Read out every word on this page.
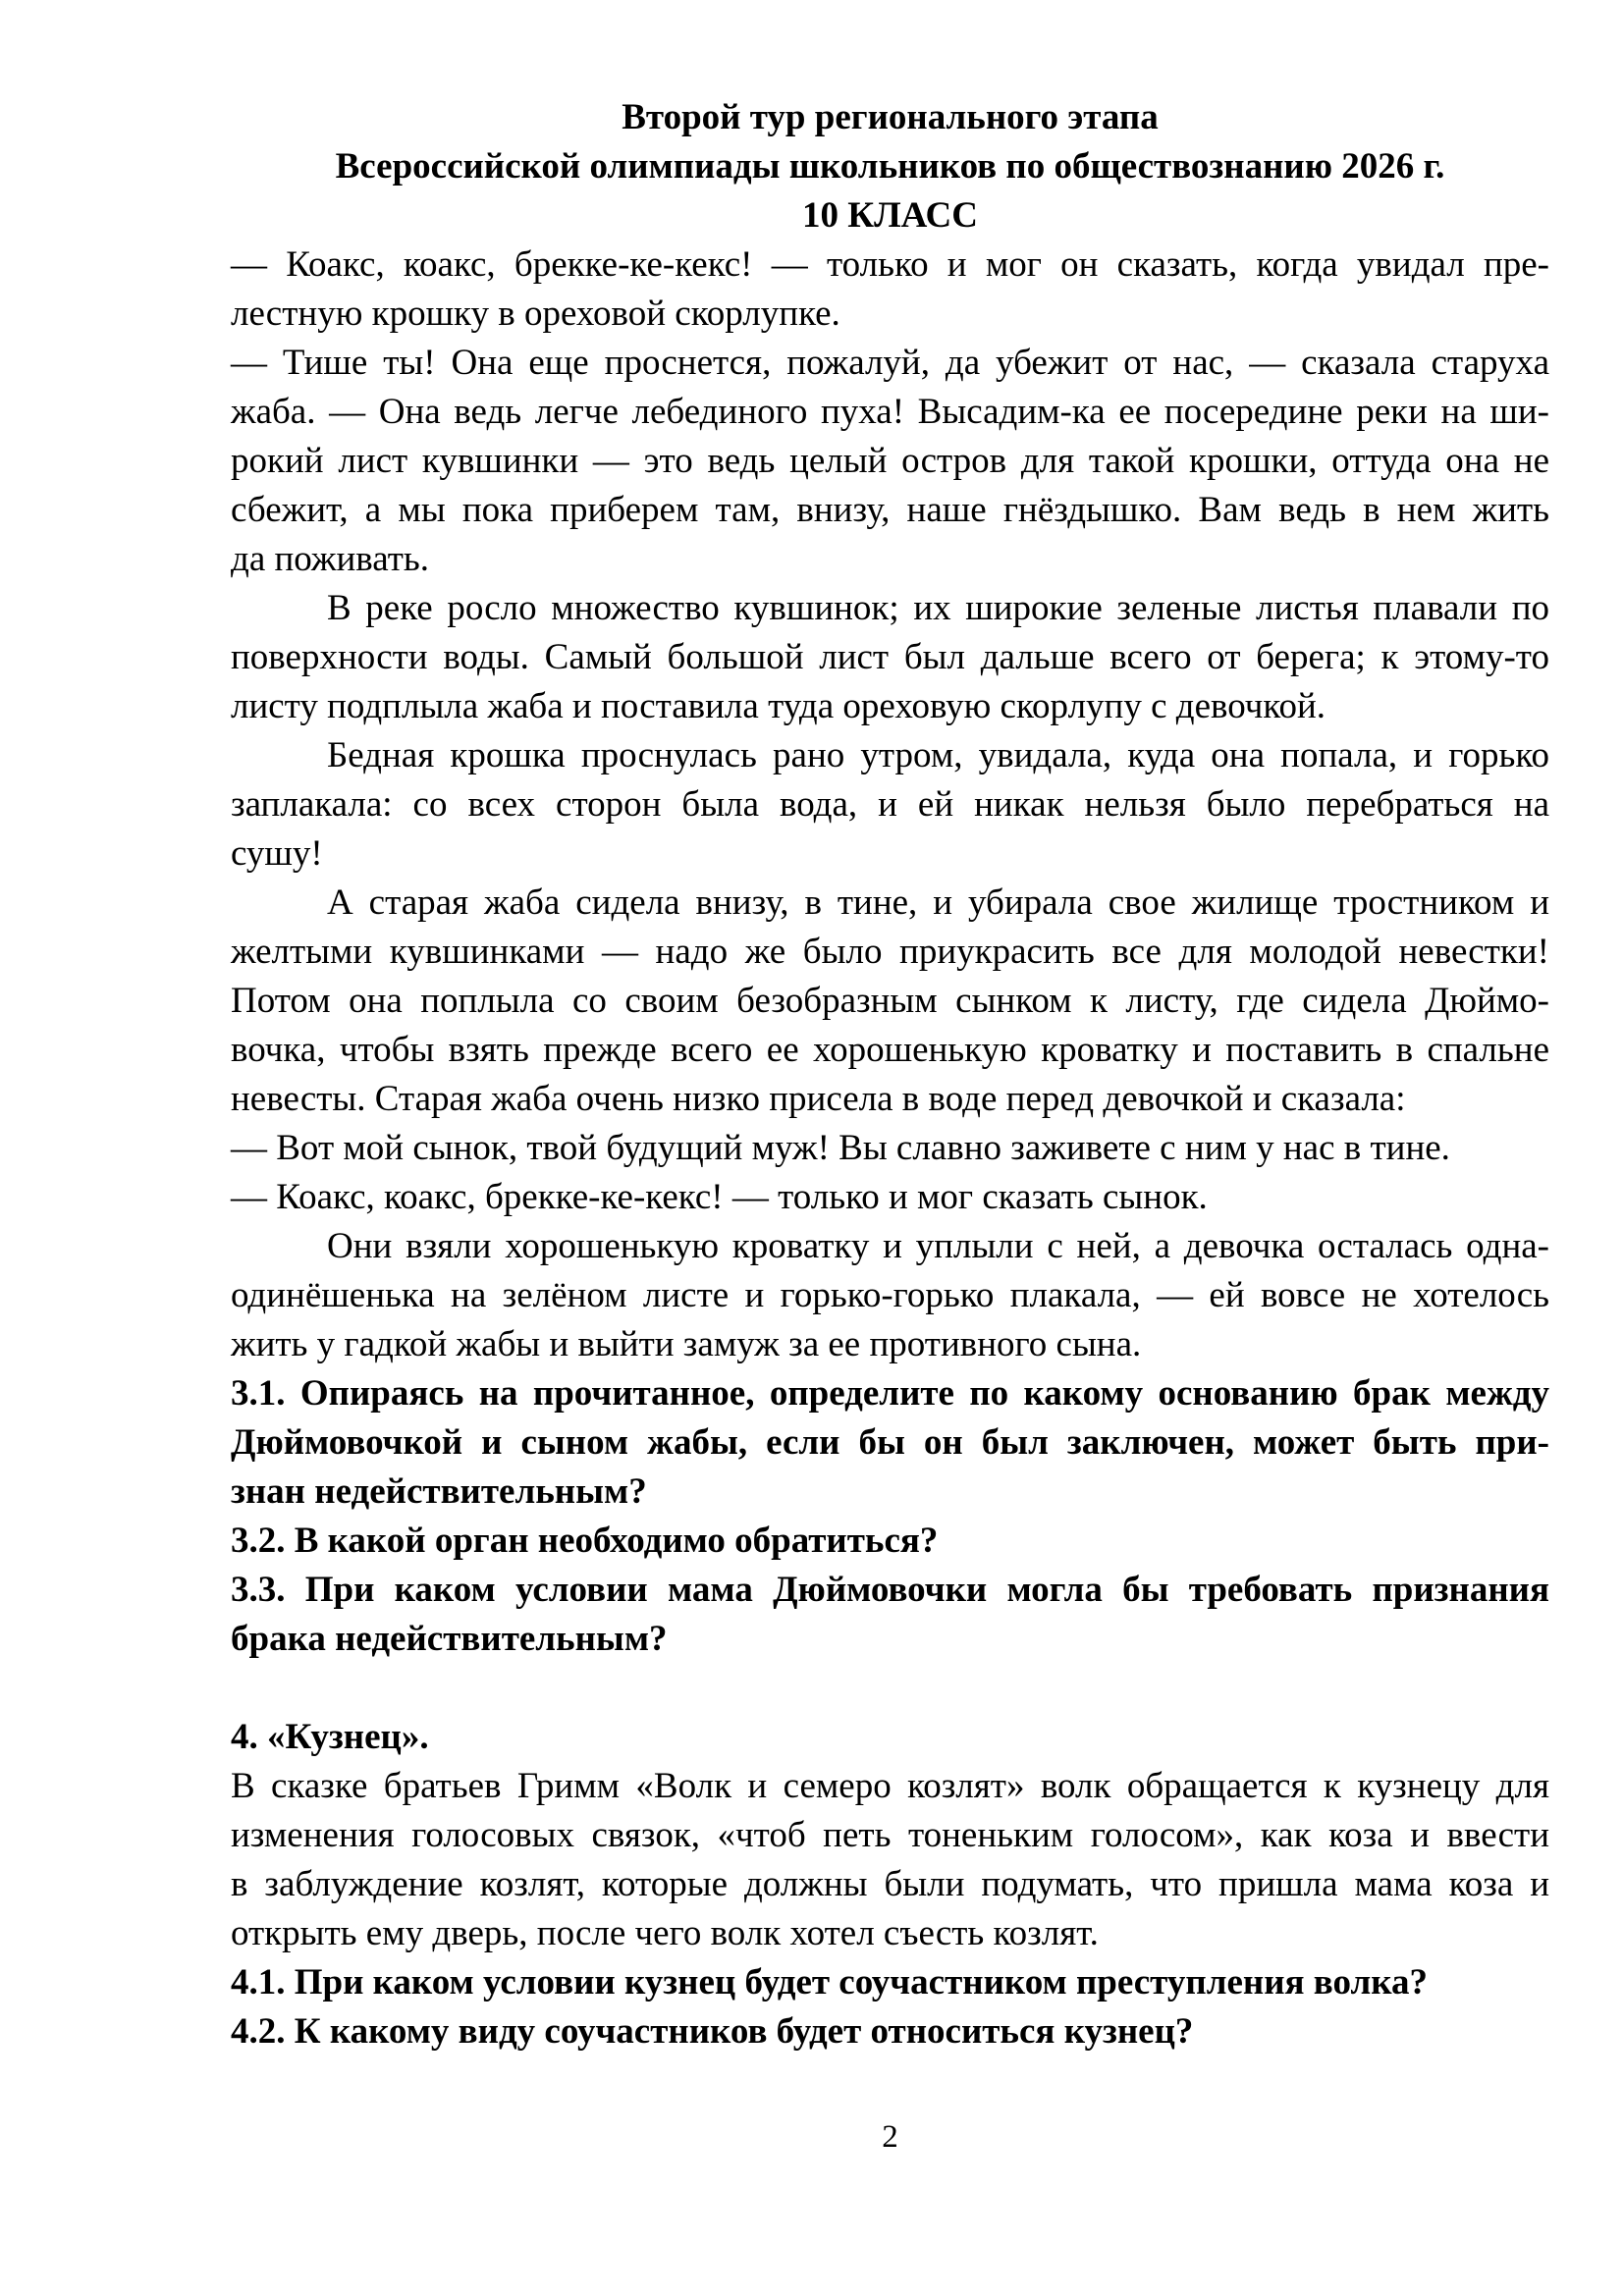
Второй тур регионального этапа
Всероссийской олимпиады школьников по обществознанию 2026 г.
10 КЛАСС
— Коакс, коакс, брекке-ке-кекс! — только и мог он сказать, когда увидал пре-
лестную крошку в ореховой скорлупке.
— Тише ты! Она еще проснется, пожалуй, да убежит от нас, — сказала старуха
жаба. — Она ведь легче лебединого пуха! Высадим-ка ее посередине реки на ши-
рокий лист кувшинки — это ведь целый остров для такой крошки, оттуда она не
сбежит, а мы пока приберем там, внизу, наше гнёздышко. Вам ведь в нем жить
да поживать.
В реке росло множество кувшинок; их широкие зеленые листья плавали по
поверхности воды. Самый большой лист был дальше всего от берега; к этому-то
листу подплыла жаба и поставила туда ореховую скорлупу с девочкой.
Бедная крошка проснулась рано утром, увидала, куда она попала, и горько
заплакала: со всех сторон была вода, и ей никак нельзя было перебраться на
сушу!
А старая жаба сидела внизу, в тине, и убирала свое жилище тростником и
желтыми кувшинками — надо же было приукрасить все для молодой невестки!
Потом она поплыла со своим безобразным сынком к листу, где сидела Дюймо-
вочка, чтобы взять прежде всего ее хорошенькую кроватку и поставить в спальне
невесты. Старая жаба очень низко присела в воде перед девочкой и сказала:
— Вот мой сынок, твой будущий муж! Вы славно заживете с ним у нас в тине.
— Коакс, коакс, брекке-ке-кекс! — только и мог сказать сынок.
Они взяли хорошенькую кроватку и уплыли с ней, а девочка осталась одна-
одинёшенька на зелёном листе и горько-горько плакала, — ей вовсе не хотелось
жить у гадкой жабы и выйти замуж за ее противного сына.
3.1. Опираясь на прочитанное, определите по какому основанию брак между
Дюймовочкой и сыном жабы, если бы он был заключен, может быть при-
знан недействительным?
3.2. В какой орган необходимо обратиться?
3.3. При каком условии мама Дюймовочки могла бы требовать признания
брака недействительным?
4. «Кузнец».
В сказке братьев Гримм «Волк и семеро козлят» волк обращается к кузнецу для
изменения голосовых связок, «чтоб петь тоненьким голосом», как коза и ввести
в заблуждение козлят, которые должны были подумать, что пришла мама коза и
открыть ему дверь, после чего волк хотел съесть козлят.
4.1. При каком условии кузнец будет соучастником преступления волка?
4.2. К какому виду соучастников будет относиться кузнец?
2
